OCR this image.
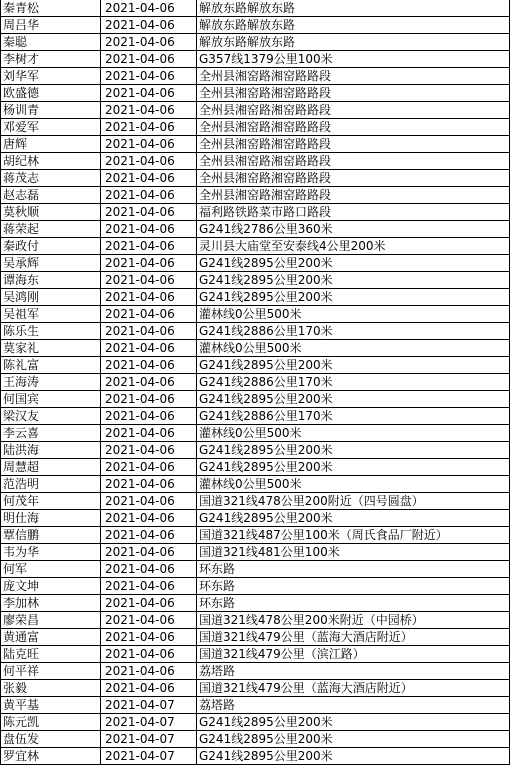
秦青松	2021-04-06	解放东路解放东路
周吕华	2021-04-06	解放东路解放东路
秦聪	2021-04-06	解放东路解放东路
李树才	2021-04-06	G357线1379公里100米
刘华军	2021-04-06	全州县湘窑路湘窑路路段
欧盛德	2021-04-06	全州县湘窑路湘窑路路段
杨训青	2021-04-06	全州县湘窑路湘窑路路段
邓爱军	2021-04-06	全州县湘窑路湘窑路路段
唐辉	2021-04-06	全州县湘窑路湘窑路路段
胡纪林	2021-04-06	全州县湘窑路湘窑路路段
蒋茂志	2021-04-06	全州县湘窑路湘窑路路段
赵志磊	2021-04-06	全州县湘窑路湘窑路路段
莫秋顺	2021-04-06	福利路铁路菜市路口路段
蒋荣起	2021-04-06	G241线2786公里360米
秦政付	2021-04-06	灵川县大庙堂至安泰线4公里200米
吴承辉	2021-04-06	G241线2895公里200米
谭海东	2021-04-06	G241线2895公里200米
吴鸿刚	2021-04-06	G241线2895公里200米
吴祖军	2021-04-06	灌林线0公里500米
陈乐生	2021-04-06	G241线2886公里170米
莫家礼	2021-04-06	灌林线0公里500米
陈礼富	2021-04-06	G241线2895公里200米
王海涛	2021-04-06	G241线2886公里170米
何国宾	2021-04-06	G241线2895公里200米
梁汉友	2021-04-06	G241线2886公里170米
李云喜	2021-04-06	灌林线0公里500米
陆洪海	2021-04-06	G241线2895公里200米
周慧超	2021-04-06	G241线2895公里200米
范浩明	2021-04-06	灌林线0公里500米
何茂年	2021-04-06	国道321线478公里200附近（四号圆盘）
明仕海	2021-04-06	G241线2895公里200米
覃信鹏	2021-04-06	国道321线487公里100米（周氏食品厂附近）
韦为华	2021-04-06	国道321线481公里100米
何军	2021-04-06	环东路
庞文坤	2021-04-06	环东路
李加林	2021-04-06	环东路
廖荣昌	2021-04-06	国道321线478公里200米附近（中园桥）
黄通富	2021-04-06	国道321线479公里（蓝海大酒店附近）
陆克旺	2021-04-06	国道321线479公里（滨江路）
何平祥	2021-04-06	荔塔路
张毅	2021-04-06	国道321线479公里（蓝海大酒店附近）
黄平基	2021-04-07	荔塔路
陈元凯	2021-04-07	G241线2895公里200米
盘伍发	2021-04-07	G241线2895公里200米
罗宜林	2021-04-07	G241线2895公里200米
